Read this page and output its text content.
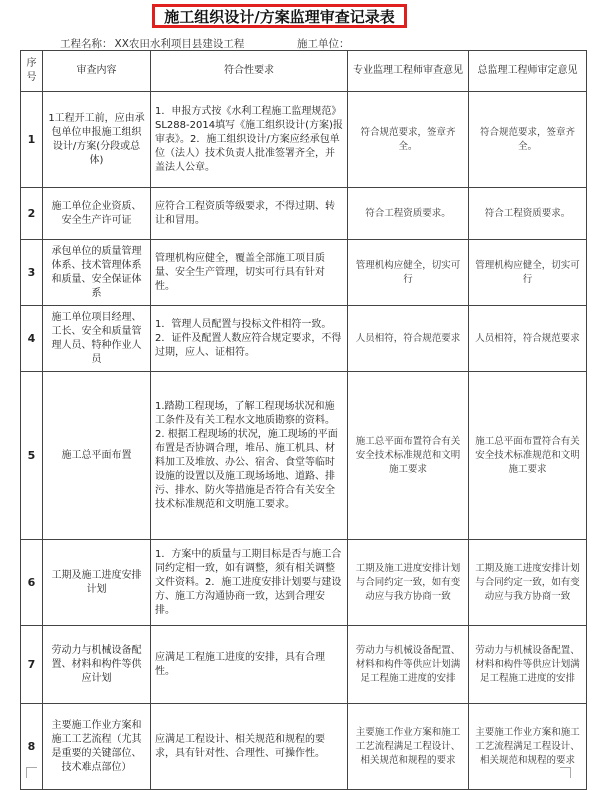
施工组织设计/方案监理审查记录表
工程名称： XX农田水利项目县建设工程	施工单位：
序号	审查内容	符合性要求	专业监理工程师审查意见	总监理工程师审定意见
1	1工程开工前，应由承包单位申报施工组织设计/方案(分段或总体)	1．申报方式按《水利工程施工监理规范》SL288-2014填写《施工组织设计(方案)报审表》。2．施工组织设计/方案应经承包单位（法人）技术负责人批准签署齐全，并盖法人公章。	符合规范要求，签章齐全。	符合规范要求，签章齐全。
2	施工单位企业资质、安全生产许可证	应符合工程资质等级要求，不得过期、转让和冒用。	符合工程资质要求。	符合工程资质要求。
3	承包单位的质量管理体系、技术管理体系和质量、安全保证体系	管理机构应健全，覆盖全部施工项目质量、安全生产管理，切实可行具有针对性。	管理机构应健全，切实可行	管理机构应健全，切实可行
4	施工单位项目经理、工长、安全和质量管理人员、特种作业人员	1．管理人员配置与投标文件相符一致。2．证件及配置人数应符合规定要求，不得过期，应人、证相符。	人员相符，符合规范要求	人员相符，符合规范要求
5	施工总平面布置	1.踏勘工程现场，了解工程现场状况和施工条件及有关工程水文地质勘察的资料。2. 根据工程现场的状况，施工现场的平面布置是否协调合理，堆吊、施工机具、材料加工及堆放、办公、宿舍、食堂等临时设施的设置以及施工现场场地、道路、排污、排水、防火等措施是否符合有关安全技术标准规范和文明施工要求。	施工总平面布置符合有关安全技术标准规范和文明施工要求	施工总平面布置符合有关安全技术标准规范和文明施工要求
6	工期及施工进度安排计划	1．方案中的质量与工期目标是否与施工合同约定相一致，如有调整，须有相关调整文件资料。2．施工进度安排计划要与建设方、施工方沟通协商一致，达到合理安排。	工期及施工进度安排计划与合同约定一致，如有变动应与我方协商一致	工期及施工进度安排计划与合同约定一致，如有变动应与我方协商一致
7	劳动力与机械设备配置、材料和构件等供应计划	应满足工程施工进度的安排，具有合理性。	劳动力与机械设备配置、材料和构件等供应计划满足工程施工进度的安排	劳动力与机械设备配置、材料和构件等供应计划满足工程施工进度的安排
8	主要施工作业方案和施工工艺流程（尤其是重要的关键部位、技术难点部位）	应满足工程设计、相关规范和规程的要求，具有针对性、合理性、可操作性。	主要施工作业方案和施工工艺流程满足工程设计、相关规范和规程的要求	主要施工作业方案和施工工艺流程满足工程设计、相关规范和规程的要求
